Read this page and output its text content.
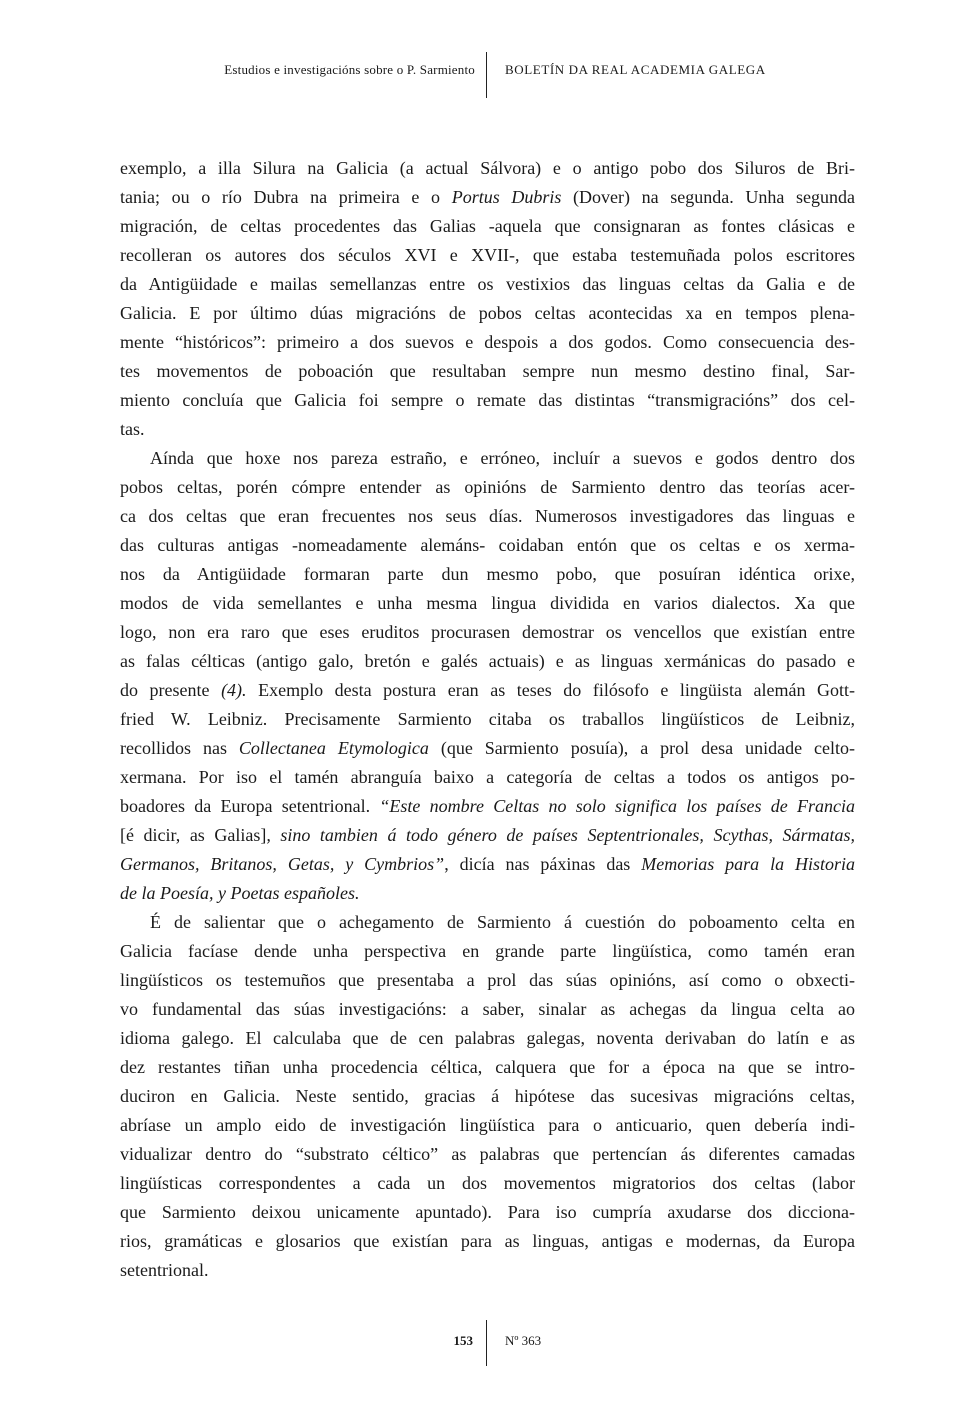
Estudios e investigacións sobre o P. Sarmiento BOLETÍN DA REAL ACADEMIA GALEGA
exemplo, a illa Silura na Galicia (a actual Sálvora) e o antigo pobo dos Siluros de Bri-
tania; ou o río Dubra na primeira e o Portus Dubris (Dover) na segunda. Unha segunda
migración, de celtas procedentes das Galias -aquela que consignaran as fontes clásicas e
recolleran os autores dos séculos XVI e XVII-, que estaba testemuñada polos escritores
da Antigüidade e mailas semellanzas entre os vestixios das linguas celtas da Galia e de
Galicia. E por último dúas migracións de pobos celtas acontecidas xa en tempos plena-
mente “históricos”: primeiro a dos suevos e despois a dos godos. Como consecuencia des-
tes movementos de poboación que resultaban sempre nun mesmo destino final, Sar-
miento concluía que Galicia foi sempre o remate das distintas “transmigracións” dos cel-
tas.
Aínda que hoxe nos pareza estraño, e erróneo, incluír a suevos e godos dentro dos
pobos celtas, porén cómpre entender as opinións de Sarmiento dentro das teorías acer-
ca dos celtas que eran frecuentes nos seus días. Numerosos investigadores das linguas e
das culturas antigas -nomeadamente alemáns- coidaban entón que os celtas e os xerma-
nos da Antigüidade formaran parte dun mesmo pobo, que posuíran idéntica orixe,
modos de vida semellantes e unha mesma lingua dividida en varios dialectos. Xa que
logo, non era raro que eses eruditos procurasen demostrar os vencellos que existían entre
as falas célticas (antigo galo, bretón e galés actuais) e as linguas xermánicas do pasado e
do presente (4). Exemplo desta postura eran as teses do filósofo e lingüista alemán Gott-
fried W. Leibniz. Precisamente Sarmiento citaba os traballos lingüísticos de Leibniz,
recollidos nas Collectanea Etymologica (que Sarmiento posuía), a prol desa unidade celto-
xermana. Por iso el tamén abranguía baixo a categoría de celtas a todos os antigos po-
boadores da Europa setentrional. “Este nombre Celtas no solo significa los países de Francia
[é dicir, as Galias], sino tambien á todo género de países Septentrionales, Scythas, Sármatas,
Germanos, Britanos, Getas, y Cymbrios”, dicía nas páxinas das Memorias para la Historia
de la Poesía, y Poetas españoles.
É de salientar que o achegamento de Sarmiento á cuestión do poboamento celta en
Galicia facíase dende unha perspectiva en grande parte lingüística, como tamén eran
lingüísticos os testemuños que presentaba a prol das súas opinións, así como o obxecti-
vo fundamental das súas investigacións: a saber, sinalar as achegas da lingua celta ao
idioma galego. El calculaba que de cen palabras galegas, noventa derivaban do latín e as
dez restantes tiñan unha procedencia céltica, calquera que for a época na que se intro-
duciron en Galicia. Neste sentido, gracias á hipótese das sucesivas migracións celtas,
abríase un amplo eido de investigación lingüística para o anticuario, quen debería indi-
vidualizar dentro do “substrato céltico” as palabras que pertencían ás diferentes camadas
lingüísticas correspondentes a cada un dos movementos migratorios dos celtas (labor
que Sarmiento deixou unicamente apuntado). Para iso cumpría axudarse dos dicciona-
rios, gramáticas e glosarios que existían para as linguas, antigas e modernas, da Europa
setentrional.
153 Nº 363
